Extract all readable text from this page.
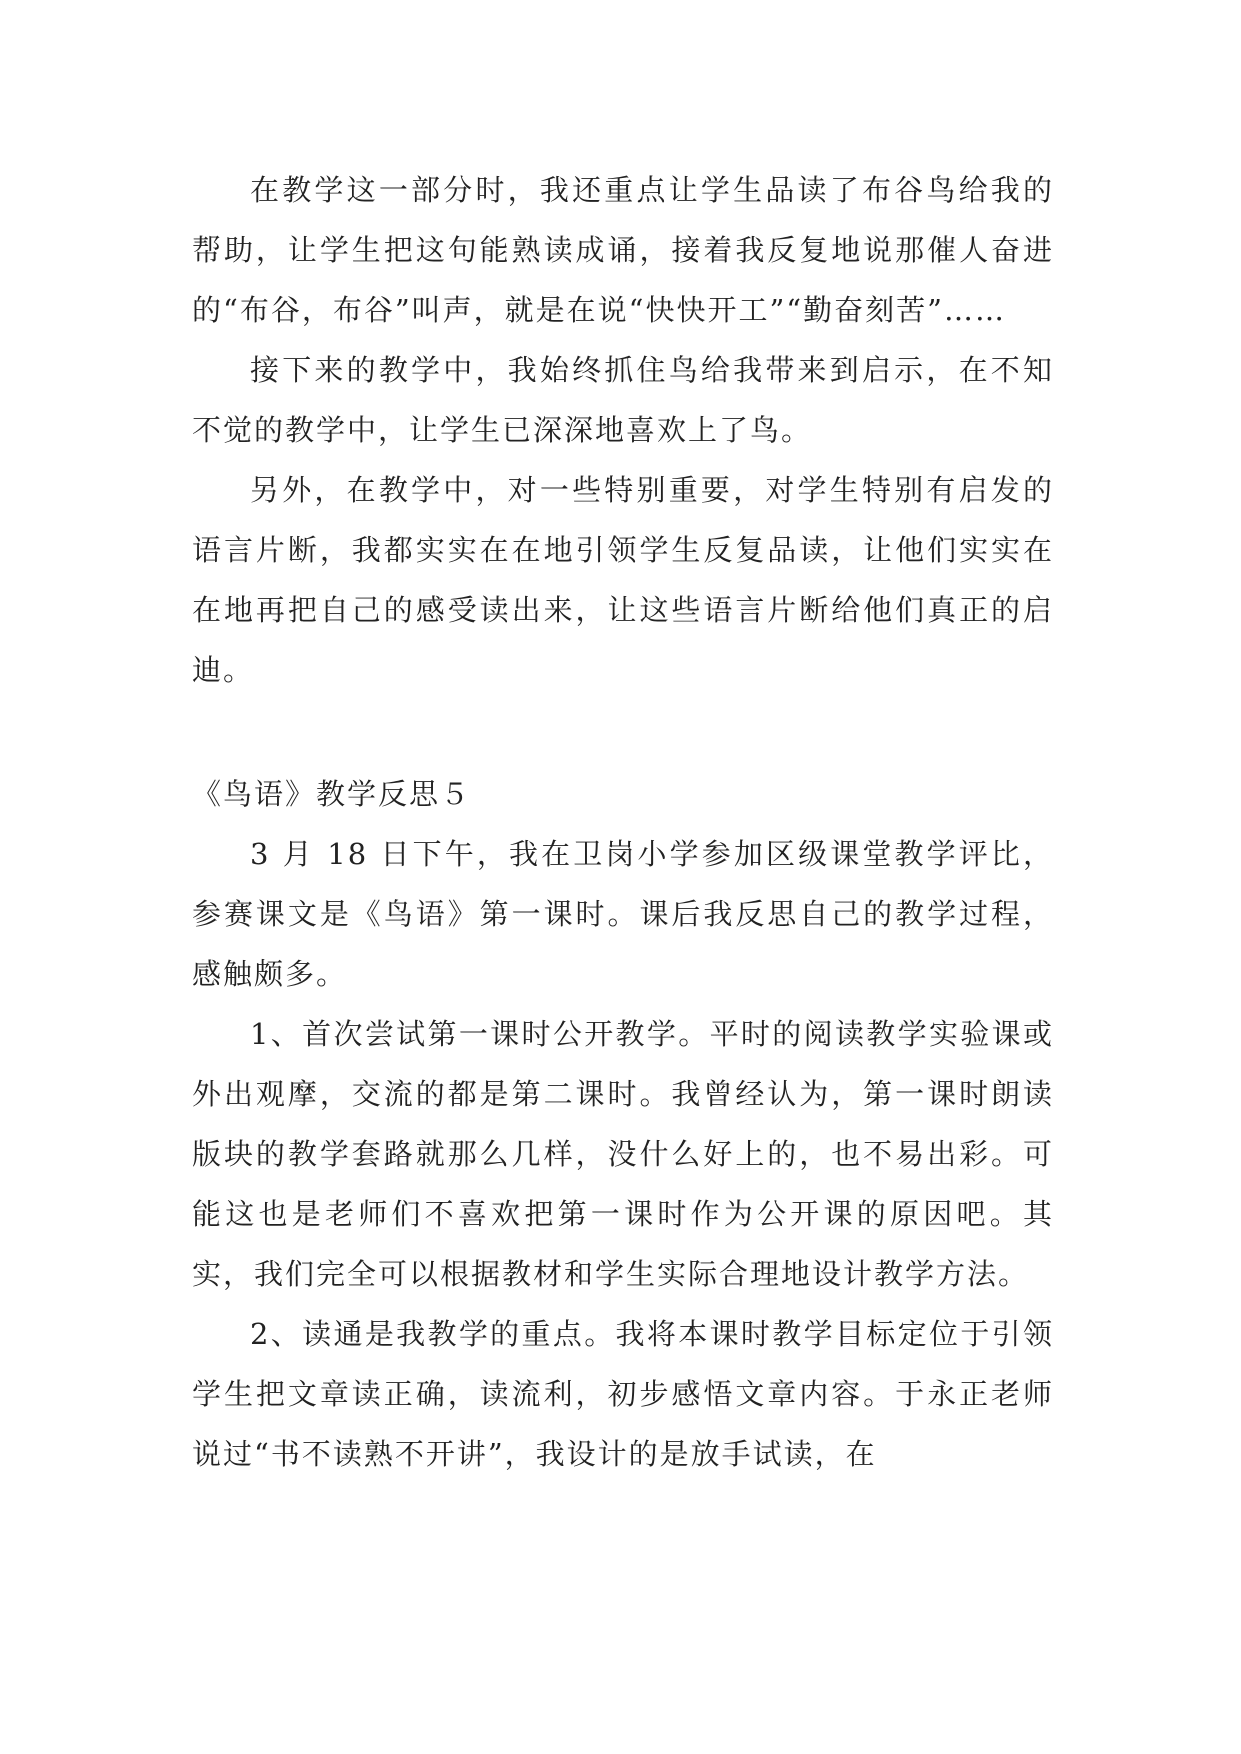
在教学这一部分时，我还重点让学生品读了布谷鸟给我的帮助，让学生把这句能熟读成诵，接着我反复地说那催人奋进的“布谷，布谷”叫声，就是在说“快快开工”“勤奋刻苦”……

接下来的教学中，我始终抓住鸟给我带来到启示，在不知不觉的教学中，让学生已深深地喜欢上了鸟。

另外，在教学中，对一些特别重要，对学生特别有启发的语言片断，我都实实在在地引领学生反复品读，让他们实实在在地再把自己的感受读出来，让这些语言片断给他们真正的启迪。

《鸟语》教学反思５

3 月 18 日下午，我在卫岗小学参加区级课堂教学评比，参赛课文是《鸟语》第一课时。课后我反思自己的教学过程，感触颇多。

1、首次尝试第一课时公开教学。平时的阅读教学实验课或外出观摩，交流的都是第二课时。我曾经认为，第一课时朗读版块的教学套路就那么几样，没什么好上的，也不易出彩。可能这也是老师们不喜欢把第一课时作为公开课的原因吧。其实，我们完全可以根据教材和学生实际合理地设计教学方法。

2、读通是我教学的重点。我将本课时教学目标定位于引领学生把文章读正确，读流利，初步感悟文章内容。于永正老师说过“书不读熟不开讲”，我设计的是放手试读，在
